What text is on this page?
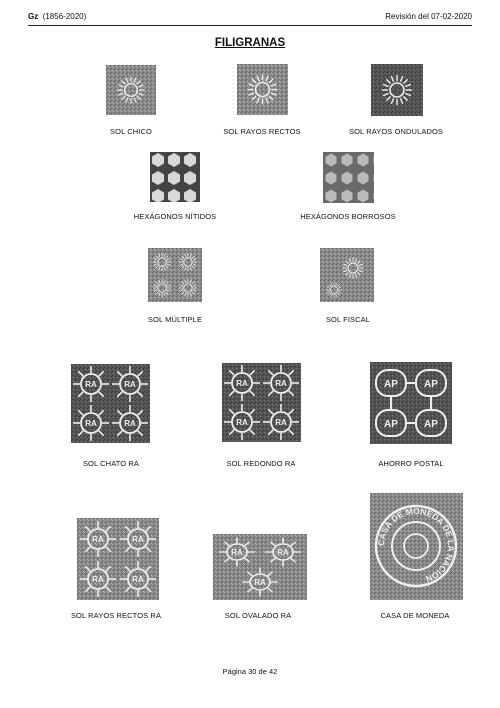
Gz (1856-2020)	Revisión del 07-02-2020
FILIGRANAS
SOL CHICO	SOL RAYOS RECTOS	SOL RAYOS ONDULADOS
HEXÁGONOS NÍTIDOS	HEXÁGONOS BORROSOS
SOL MÚLTIPLE	SOL FISCAL
RA	RA
RA	RA
SOL CHATO RA
RA	RA
RA	RA
SOL REDONDO RA
AP	AP
AP	AP
AHORRO POSTAL
RA	RA
RA	RA
SOL RAYOS RECTOS RA
RA	RA
RA
SOL OVALADO RA
CASA DE MONEDA DE LA NACION
CASA DE MONEDA
Página 30 de 42
